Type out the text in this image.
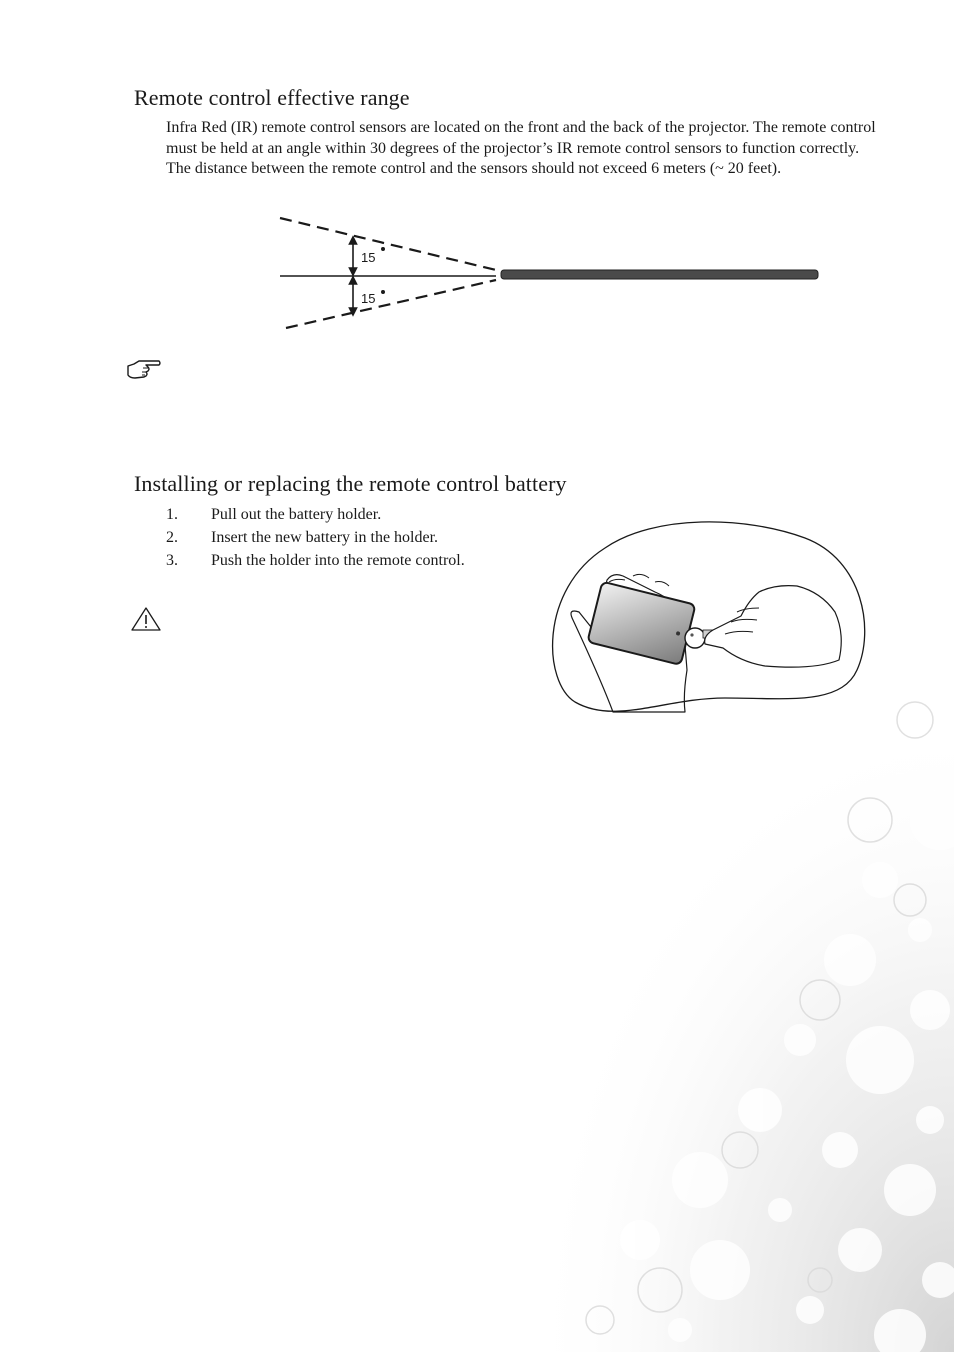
Remote control effective range

Infra Red (IR) remote control sensors are located on the front and the back of the projector. The remote control must be held at an angle within 30 degrees of the projector’s IR remote control sensors to function correctly. The distance between the remote control and the sensors should not exceed 6 meters (~ 20 feet).

15
15
Installing or replacing the remote control battery
1.	Pull out the battery holder.
2.	Insert the new battery in the holder.
3.	Push the holder into the remote control.
